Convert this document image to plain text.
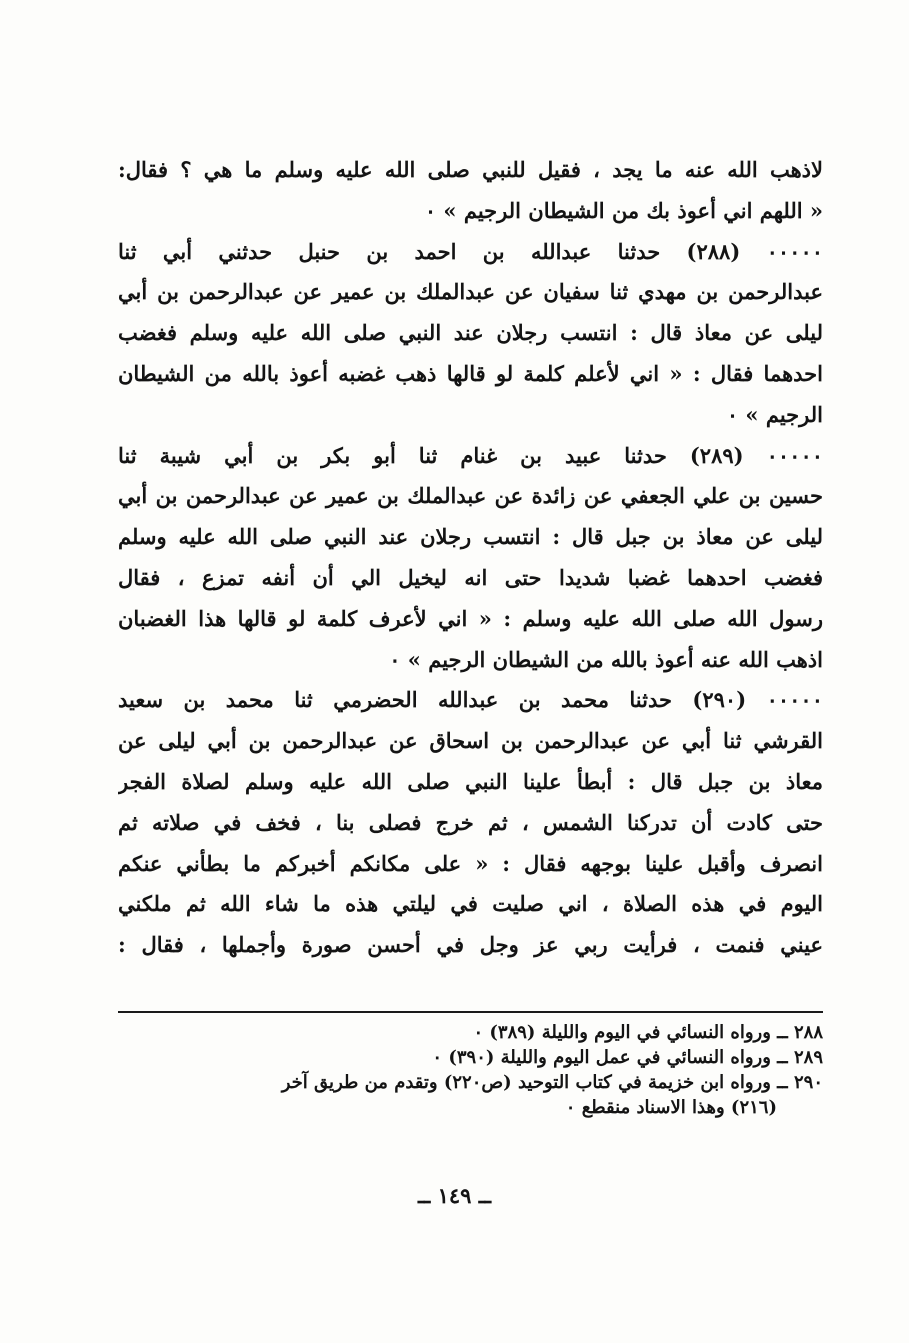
لاذهب الله عنه ما يجد ، فقيل للنبي صلى الله عليه وسلم ما هي ؟ فقال:
« اللهم اني أعوذ بك من الشيطان الرجيم » ٠
٠٠٠٠٠ (٢٨٨) حدثنا عبدالله بن احمد بن حنبل حدثني أبي ثنا
عبدالرحمن بن مهدي ثنا سفيان عن عبدالملك بن عمير عن عبدالرحمن بن أبي
ليلى عن معاذ قال : انتسب رجلان عند النبي صلى الله عليه وسلم فغضب
احدهما فقال : « اني لأعلم كلمة لو قالها ذهب غضبه أعوذ بالله من الشيطان
الرجيم » ٠
٠٠٠٠٠ (٢٨٩) حدثنا عبيد بن غنام ثنا أبو بكر بن أبي شيبة ثنا
حسين بن علي الجعفي عن زائدة عن عبدالملك بن عمير عن عبدالرحمن بن أبي
ليلى عن معاذ بن جبل قال : انتسب رجلان عند النبي صلى الله عليه وسلم
فغضب احدهما غضبا شديدا حتى انه ليخيل الي أن أنفه تمزع ، فقال
رسول الله صلى الله عليه وسلم : « اني لأعرف كلمة لو قالها هذا الغضبان
اذهب الله عنه أعوذ بالله من الشيطان الرجيم » ٠
٠٠٠٠٠ (٢٩٠) حدثنا محمد بن عبدالله الحضرمي ثنا محمد بن سعيد
القرشي ثنا أبي عن عبدالرحمن بن اسحاق عن عبدالرحمن بن أبي ليلى عن
معاذ بن جبل قال : أبطأ علينا النبي صلى الله عليه وسلم لصلاة الفجر
حتى كادت أن تدركنا الشمس ، ثم خرج فصلى بنا ، فخف في صلاته ثم
انصرف وأقبل علينا بوجهه فقال : « على مكانكم أخبركم ما بطأني عنكم
اليوم في هذه الصلاة ، اني صليت في ليلتي هذه ما شاء الله ثم ملكني
عيني فنمت ، فرأيت ربي عز وجل في أحسن صورة وأجملها ، فقال :
٢٨٨ ــ ورواه النسائي في اليوم والليلة (٣٨٩) ٠
٢٨٩ ــ ورواه النسائي في عمل اليوم والليلة (٣٩٠) ٠
٢٩٠ ــ ورواه ابن خزيمة في كتاب التوحيد (ص٢٢٠) وتقدم من طريق آخر
(٢١٦) وهذا الاسناد منقطع ٠
ــ ١٤٩ ــ
